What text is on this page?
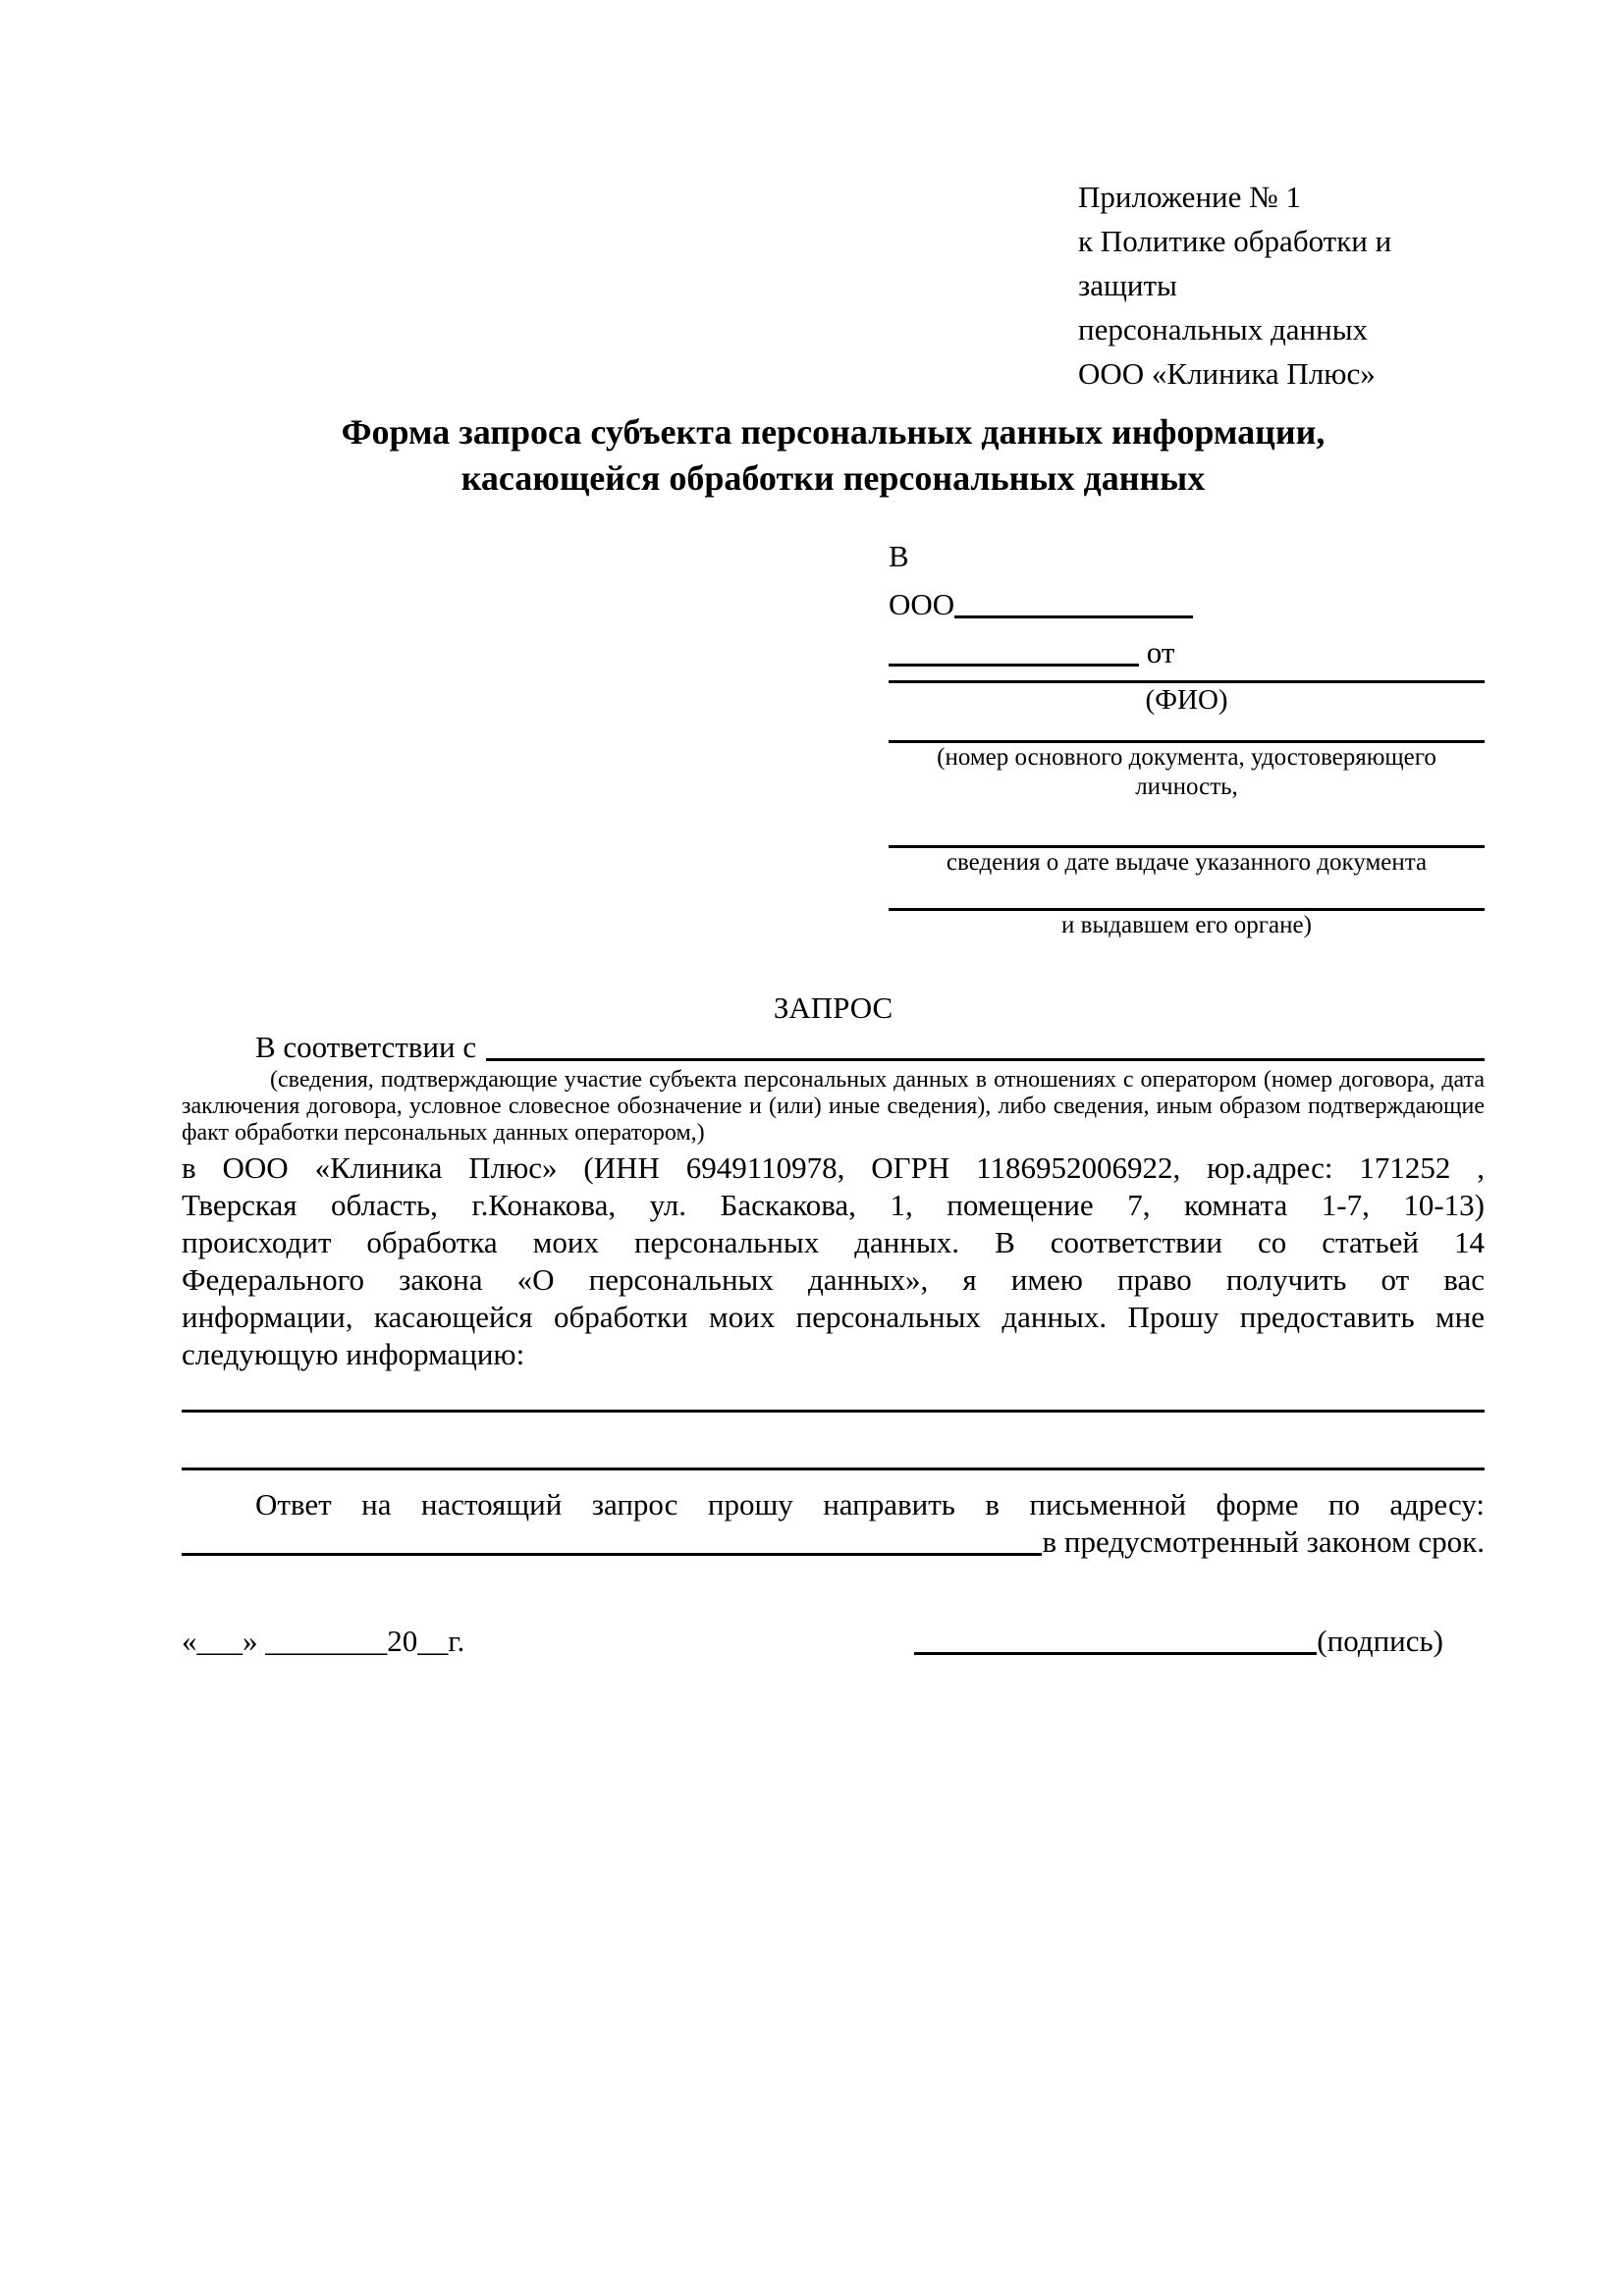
Приложение № 1
к Политике обработки и защиты
персональных данных
ООО «Клиника Плюс»
Форма запроса субъекта персональных данных информации,
касающейся обработки персональных данных
В
ООО
от
(ФИО)
(номер основного документа, удостоверяющего личность,
сведения о дате выдаче указанного документа
и выдавшем его органе)
ЗАПРОС
В соответствии с
(сведения, подтверждающие участие субъекта персональных данных в отношениях с оператором (номер договора, дата заключения договора, условное словесное обозначение и (или) иные сведения), либо сведения, иным образом подтверждающие факт обработки персональных данных оператором,)
в ООО «Клиника Плюс» (ИНН 6949110978, ОГРН 1186952006922, юр.адрес: 171252 ,
Тверская область, г.Конакова, ул. Баскакова, 1, помещение 7, комната 1-7, 10-13)
происходит обработка моих персональных данных. В соответствии со статьей 14
Федерального закона «О персональных данных», я имею право получить от вас
информации, касающейся обработки моих персональных данных. Прошу предоставить мне
следующую информацию:
Ответ на настоящий запрос прошу направить в письменной форме по адресу:
в предусмотренный законом срок.
«___» ________20__г.	(подпись)
